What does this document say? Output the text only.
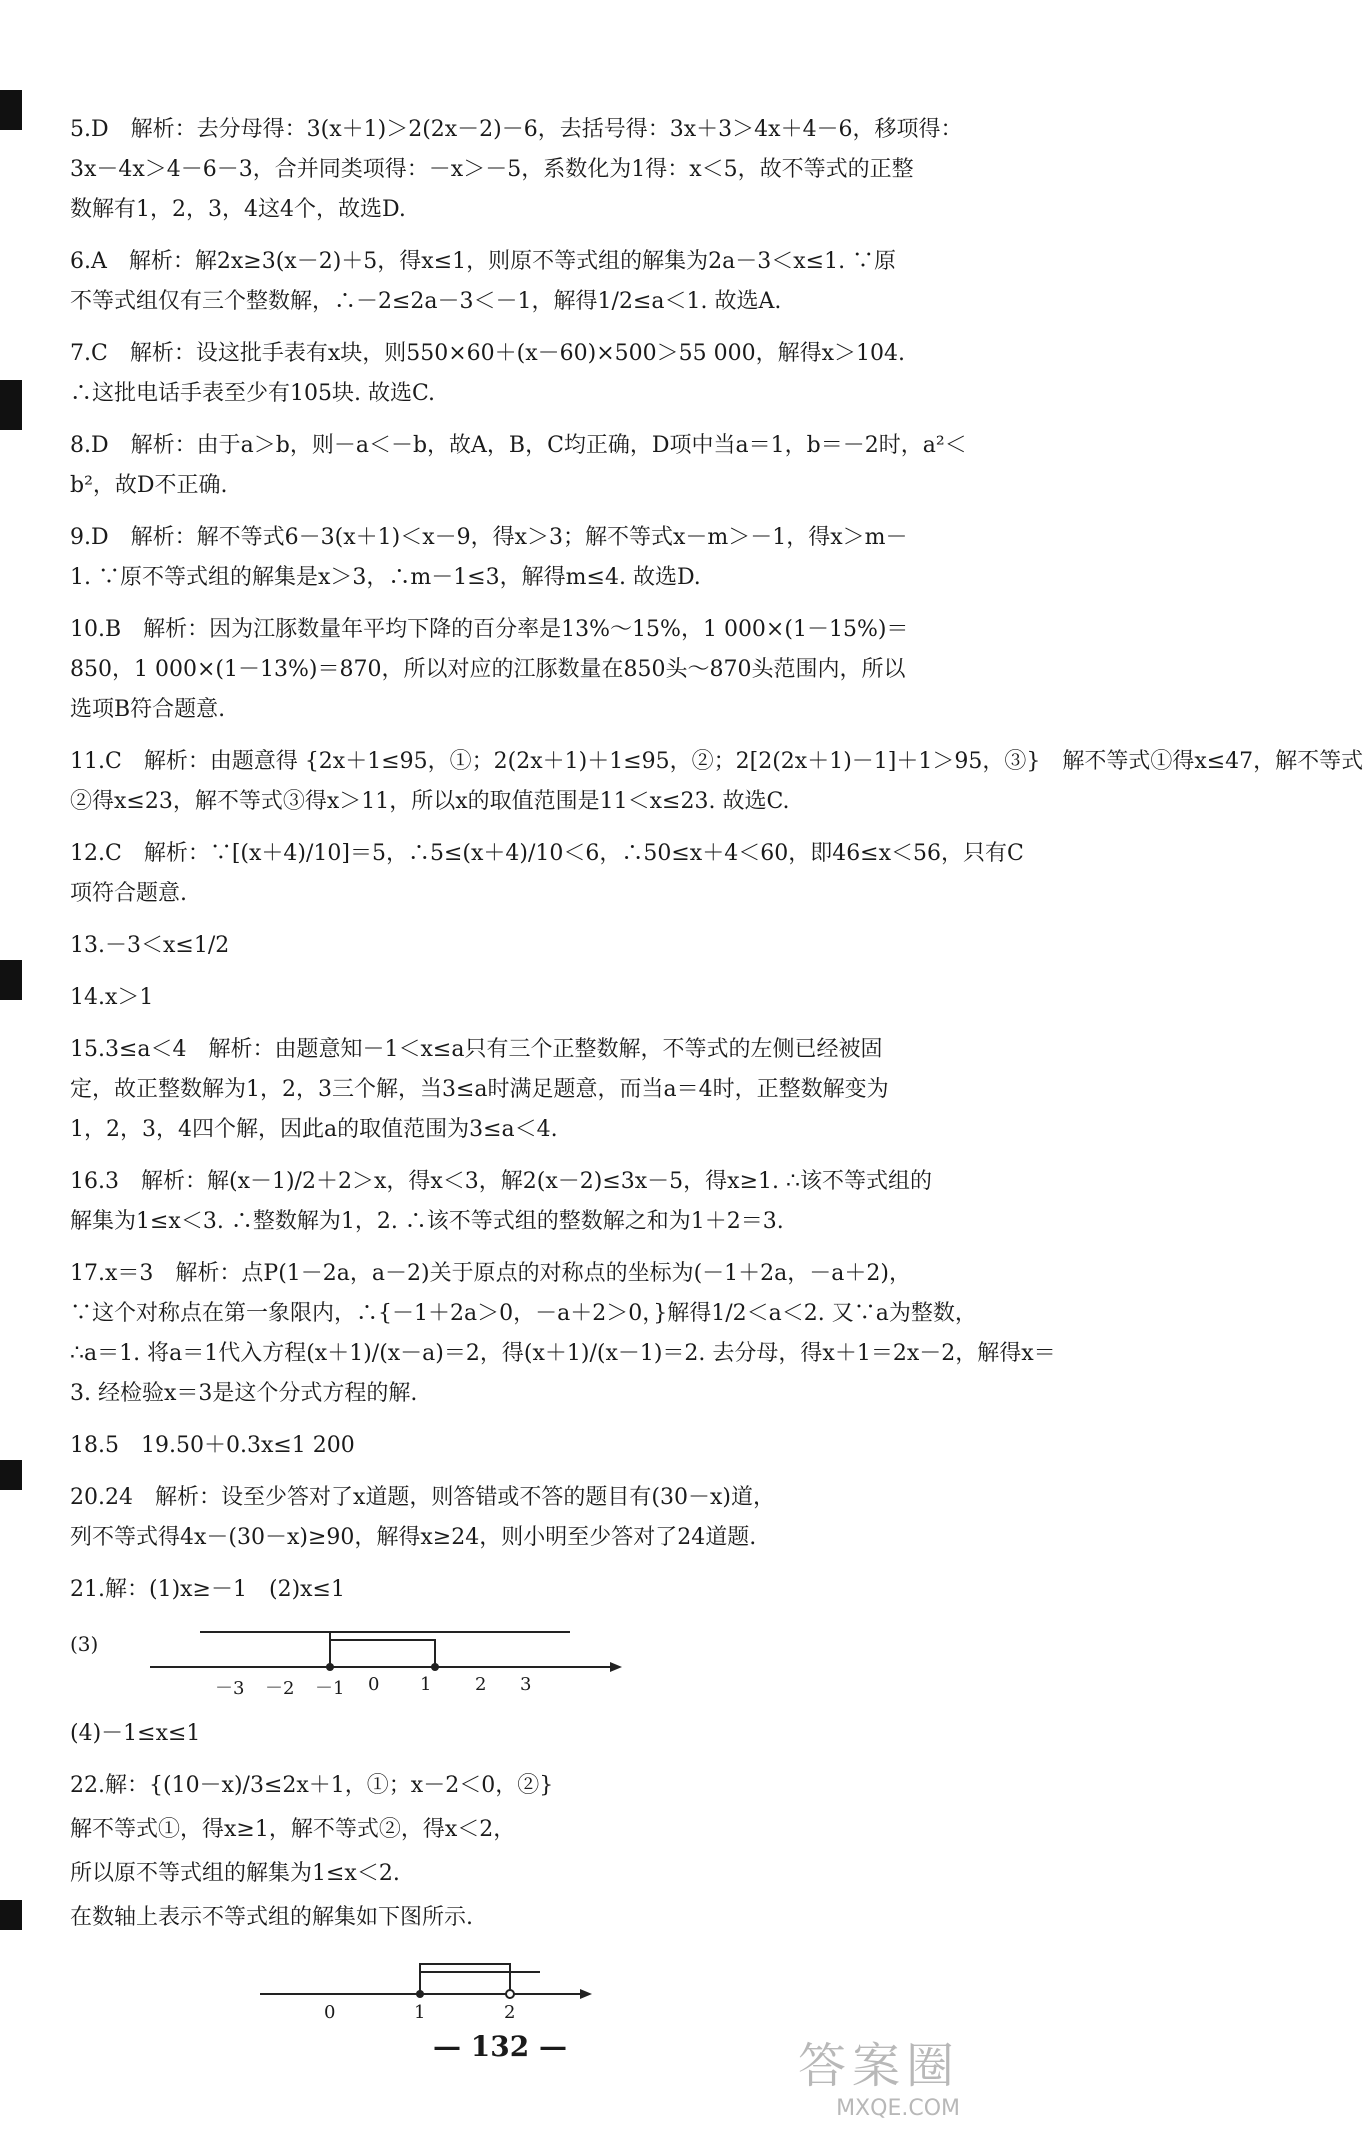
5.D　解析：去分母得：3(x＋1)＞2(2x－2)－6，去括号得：3x＋3＞4x＋4－6，移项得：
3x－4x＞4－6－3，合并同类项得：－x＞－5，系数化为1得：x＜5，故不等式的正整
数解有1，2，3，4这4个，故选D.
6.A　解析：解2x≥3(x－2)＋5，得x≤1，则原不等式组的解集为2a－3＜x≤1. ∵原
不等式组仅有三个整数解，∴－2≤2a－3＜－1，解得1/2≤a＜1. 故选A.
7.C　解析：设这批手表有x块，则550×60＋(x－60)×500＞55 000，解得x＞104.
∴这批电话手表至少有105块. 故选C.
8.D　解析：由于a＞b，则－a＜－b，故A，B，C均正确，D项中当a＝1，b＝－2时，a²＜
b²，故D不正确.
9.D　解析：解不等式6－3(x＋1)＜x－9，得x＞3；解不等式x－m＞－1，得x＞m－
1. ∵原不等式组的解集是x＞3，∴m－1≤3，解得m≤4. 故选D.
10.B　解析：因为江豚数量年平均下降的百分率是13%～15%，1 000×(1－15%)＝
850，1 000×(1－13%)＝870，所以对应的江豚数量在850头～870头范围内，所以
选项B符合题意.
11.C　解析：由题意得 {2x＋1≤95，①；2(2x＋1)＋1≤95，②；2[2(2x＋1)－1]＋1＞95，③}　解不等式①得x≤47，解不等式
②得x≤23，解不等式③得x＞11，所以x的取值范围是11＜x≤23. 故选C.
12.C　解析：∵[(x＋4)/10]＝5，∴5≤(x＋4)/10＜6，∴50≤x＋4＜60，即46≤x＜56，只有C
项符合题意.
13.－3＜x≤1/2
14.x＞1
15.3≤a＜4　解析：由题意知－1＜x≤a只有三个正整数解，不等式的左侧已经被固
定，故正整数解为1，2，3三个解，当3≤a时满足题意，而当a＝4时，正整数解变为
1，2，3，4四个解，因此a的取值范围为3≤a＜4.
16.3　解析：解(x－1)/2＋2＞x，得x＜3，解2(x－2)≤3x－5，得x≥1. ∴该不等式组的
解集为1≤x＜3. ∴整数解为1，2. ∴该不等式组的整数解之和为1＋2＝3.
17.x＝3　解析：点P(1－2a，a－2)关于原点的对称点的坐标为(－1＋2a，－a＋2)，
∵这个对称点在第一象限内，∴{－1＋2a＞0，－a＋2＞0，}解得1/2＜a＜2. 又∵a为整数，
∴a＝1. 将a＝1代入方程(x＋1)/(x－a)＝2，得(x＋1)/(x－1)＝2. 去分母，得x＋1＝2x－2，解得x＝
3. 经检验x＝3是这个分式方程的解.
18.5　19.50＋0.3x≤1 200
20.24　解析：设至少答对了x道题，则答错或不答的题目有(30－x)道，
列不等式得4x－(30－x)≥90，解得x≥24，则小明至少答对了24道题.
21.解：(1)x≥－1　(2)x≤1
(3)
－3 －2 －1 0 1 2 3
(4)－1≤x≤1
22.解：{(10－x)/3≤2x＋1，①；x－2＜0，②}
解不等式①，得x≥1，解不等式②，得x＜2，
所以原不等式组的解集为1≤x＜2.
在数轴上表示不等式组的解集如下图所示.
0	1	2
— 132 —	答案圈
MXQE.COM
